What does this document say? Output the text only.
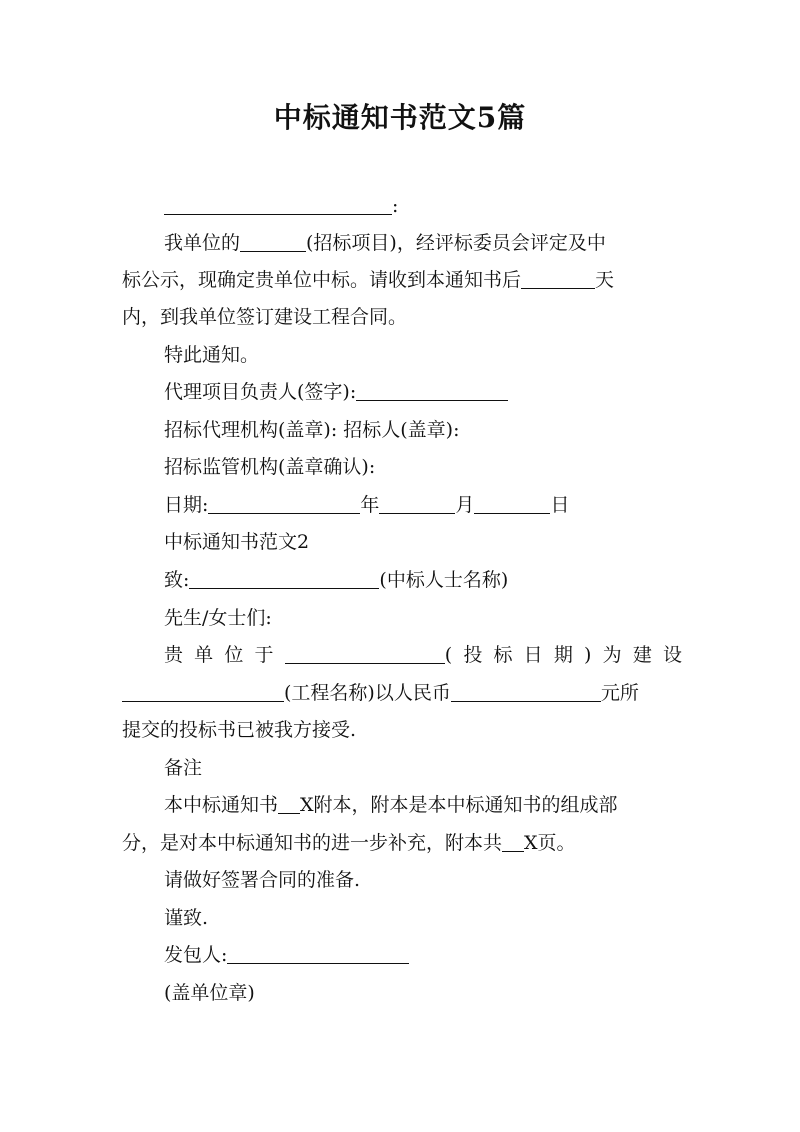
中标通知书范文5篇
:
我单位的	(招标项目)，经评标委员会评定及中
标公示，现确定贵单位中标。请收到本通知书后	天
内，到我单位签订建设工程合同。
特此通知。
代理项目负责人(签字):
招标代理机构(盖章): 招标人(盖章):
招标监管机构(盖章确认):
日期:	年	月	日
中标通知书范文2
致:	(中标人士名称)
先生/女士们:
贵单位于	(投标日期)为建设
(工程名称)以人民币	元所
提交的投标书已被我方接受.
备注
本中标通知书 X附本，附本是本中标通知书的组成部
分，是对本中标通知书的进一步补充，附本共 X页。
请做好签署合同的准备.
谨致.
发包人:
(盖单位章)
